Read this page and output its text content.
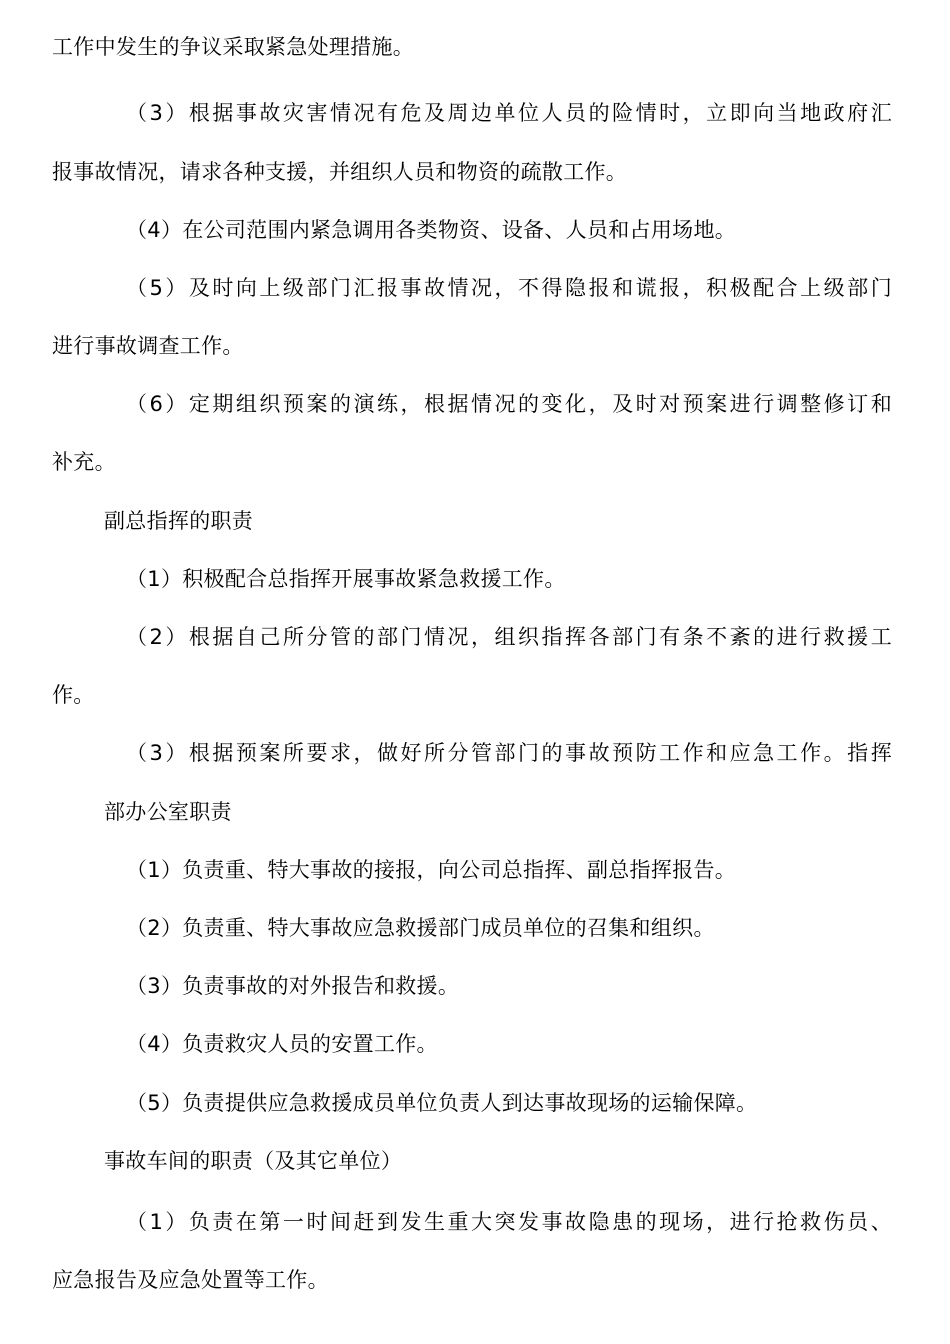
工作中发生的争议采取紧急处理措施。
（3）根据事故灾害情况有危及周边单位人员的险情时，立即向当地政府汇
报事故情况，请求各种支援，并组织人员和物资的疏散工作。
（4）在公司范围内紧急调用各类物资、设备、人员和占用场地。
（5）及时向上级部门汇报事故情况，不得隐报和谎报，积极配合上级部门
进行事故调查工作。
（6）定期组织预案的演练，根据情况的变化，及时对预案进行调整修订和
补充。
副总指挥的职责
（1）积极配合总指挥开展事故紧急救援工作。
（2）根据自己所分管的部门情况，组织指挥各部门有条不紊的进行救援工
作。
（3）根据预案所要求，做好所分管部门的事故预防工作和应急工作。指挥
部办公室职责
（1）负责重、特大事故的接报，向公司总指挥、副总指挥报告。
（2）负责重、特大事故应急救援部门成员单位的召集和组织。
（3）负责事故的对外报告和救援。
（4）负责救灾人员的安置工作。
（5）负责提供应急救援成员单位负责人到达事故现场的运输保障。
事故车间的职责（及其它单位）
（1）负责在第一时间赶到发生重大突发事故隐患的现场，进行抢救伤员、
应急报告及应急处置等工作。
